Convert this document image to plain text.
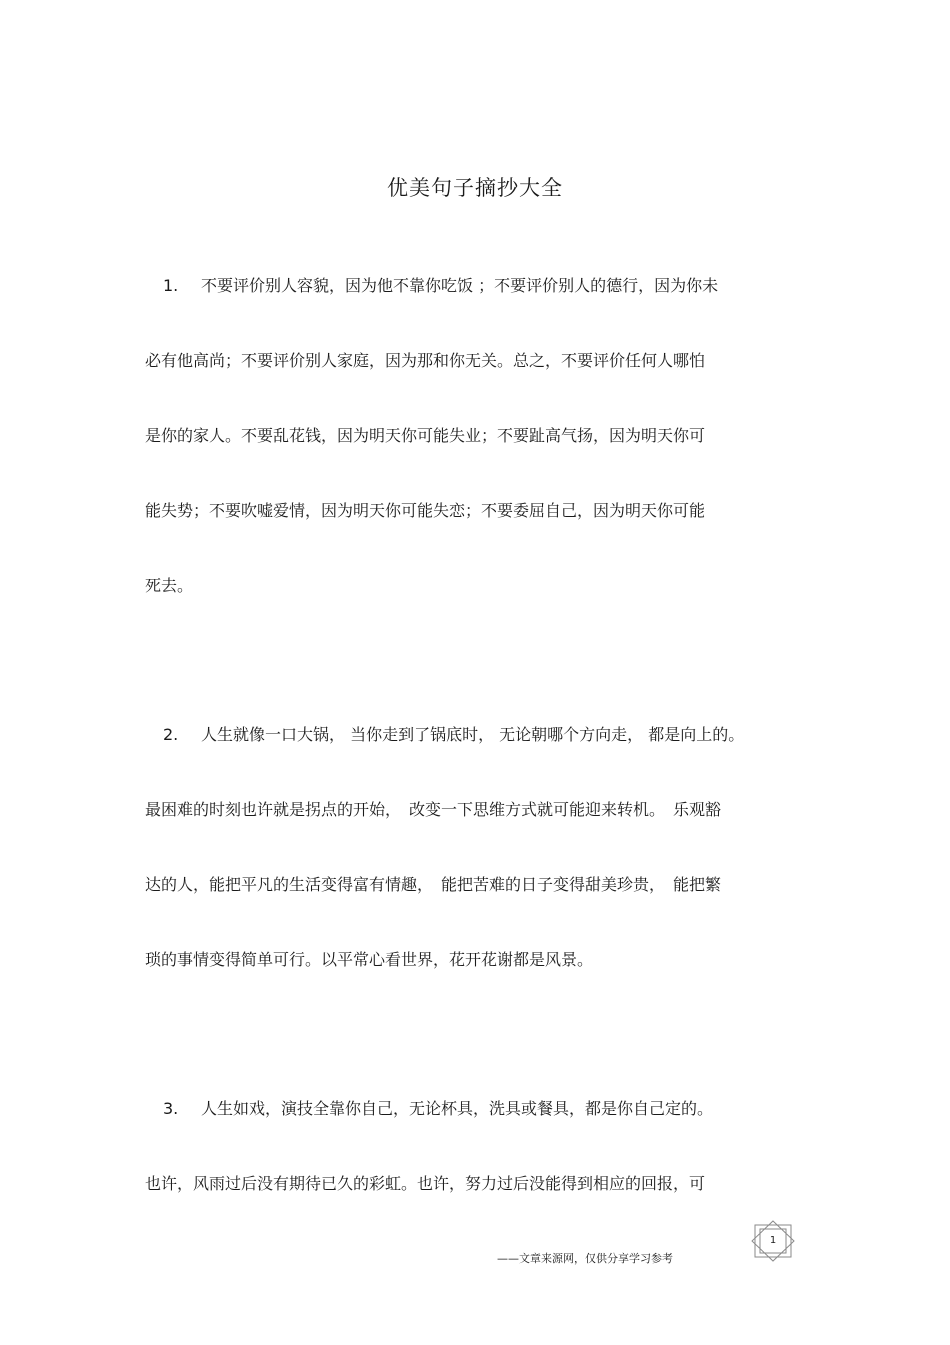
优美句子摘抄大全
1. 不要评价别人容貌，因为他不靠你吃饭 ；不要评价别人的德行，因为你未
必有他高尚；不要评价别人家庭，因为那和你无关。总之，不要评价任何人哪怕
是你的家人。不要乱花钱，因为明天你可能失业；不要趾高气扬，因为明天你可
能失势；不要吹嘘爱情，因为明天你可能失恋；不要委屈自己，因为明天你可能
死去。
2. 人生就像一口大锅， 当你走到了锅底时， 无论朝哪个方向走， 都是向上的。
最困难的时刻也许就是拐点的开始，　改变一下思维方式就可能迎来转机。　乐观豁
达的人，能把平凡的生活变得富有情趣，　能把苦难的日子变得甜美珍贵，　能把繁
琐的事情变得简单可行。以平常心看世界，花开花谢都是风景。
3. 人生如戏，演技全靠你自己，无论杯具，洗具或餐具，都是你自己定的。
也许，风雨过后没有期待已久的彩虹。也许，努力过后没能得到相应的回报，可
1
——文章来源网，仅供分享学习参考
